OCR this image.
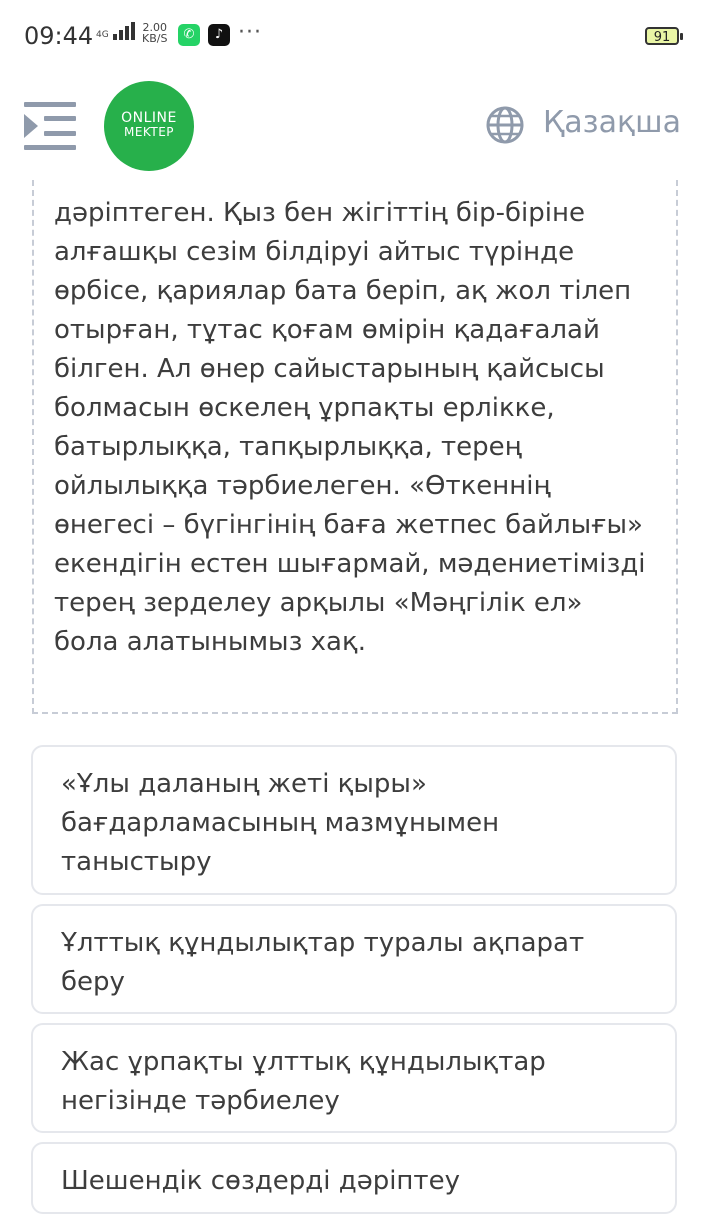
09:44 4G
2.00
KB/S	✆	♪ ···	91
ONLINE
MEKTEP	Қазақша

дәріптеген. Қыз бен жігіттің бір-біріне алғашқы сезім білдіруі айтыс түрінде өрбісе, қариялар бата беріп, ақ жол тілеп отырған, тұтас қоғам өмірін қадағалай білген. Ал өнер сайыстарының қайсысы болмасын өскелең ұрпақты ерлікке, батырлыққа, тапқырлыққа, терең ойлылыққа тәрбиелеген. «Өткеннің өнегесі – бүгінгінің баға жетпес байлығы» екендігін естен шығармай, мәдениетімізді терең зерделеу арқылы «Мәңгілік ел» бола алатынымыз хақ.

«Ұлы даланың жеті қыры» бағдарламасының мазмұнымен таныстыру
Ұлттық құндылықтар туралы ақпарат беру
Жас ұрпақты ұлттық құндылықтар негізінде тәрбиелеу
Шешендік сөздерді дәріптеу
